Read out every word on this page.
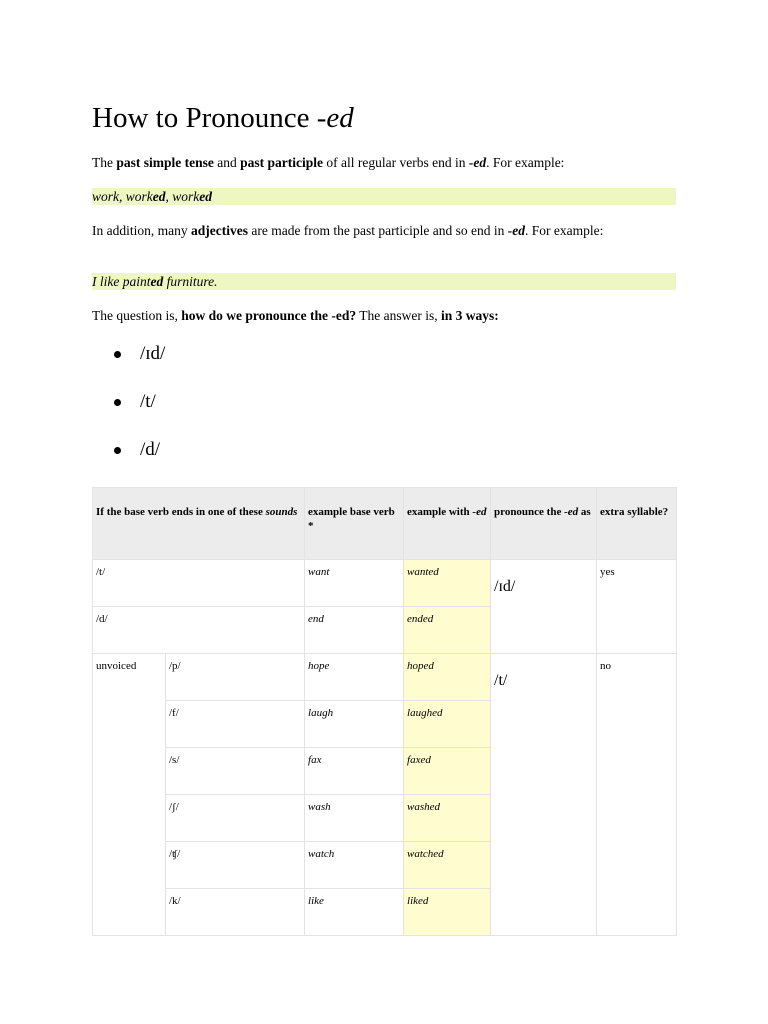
How to Pronounce -ed
The past simple tense and past participle of all regular verbs end in -ed. For example:
work, worked, worked
In addition, many adjectives are made from the past participle and so end in -ed. For example:
I like painted furniture.
The question is, how do we pronounce the -ed? The answer is, in 3 ways:
/ɪd/
/t/
/d/
If the base verb ends in one of these sounds		example base verb *	example with -ed	pronounce the -ed as	extra syllable?
/t/		want	wanted	/ɪd/	yes
/d/		end	ended		
unvoiced	/p/	hope	hoped	/t/	no
	/f/	laugh	laughed		
	/s/	fax	faxed		
	/ʃ/	wash	washed		
	/ʧ/	watch	watched		
	/k/	like	liked		
